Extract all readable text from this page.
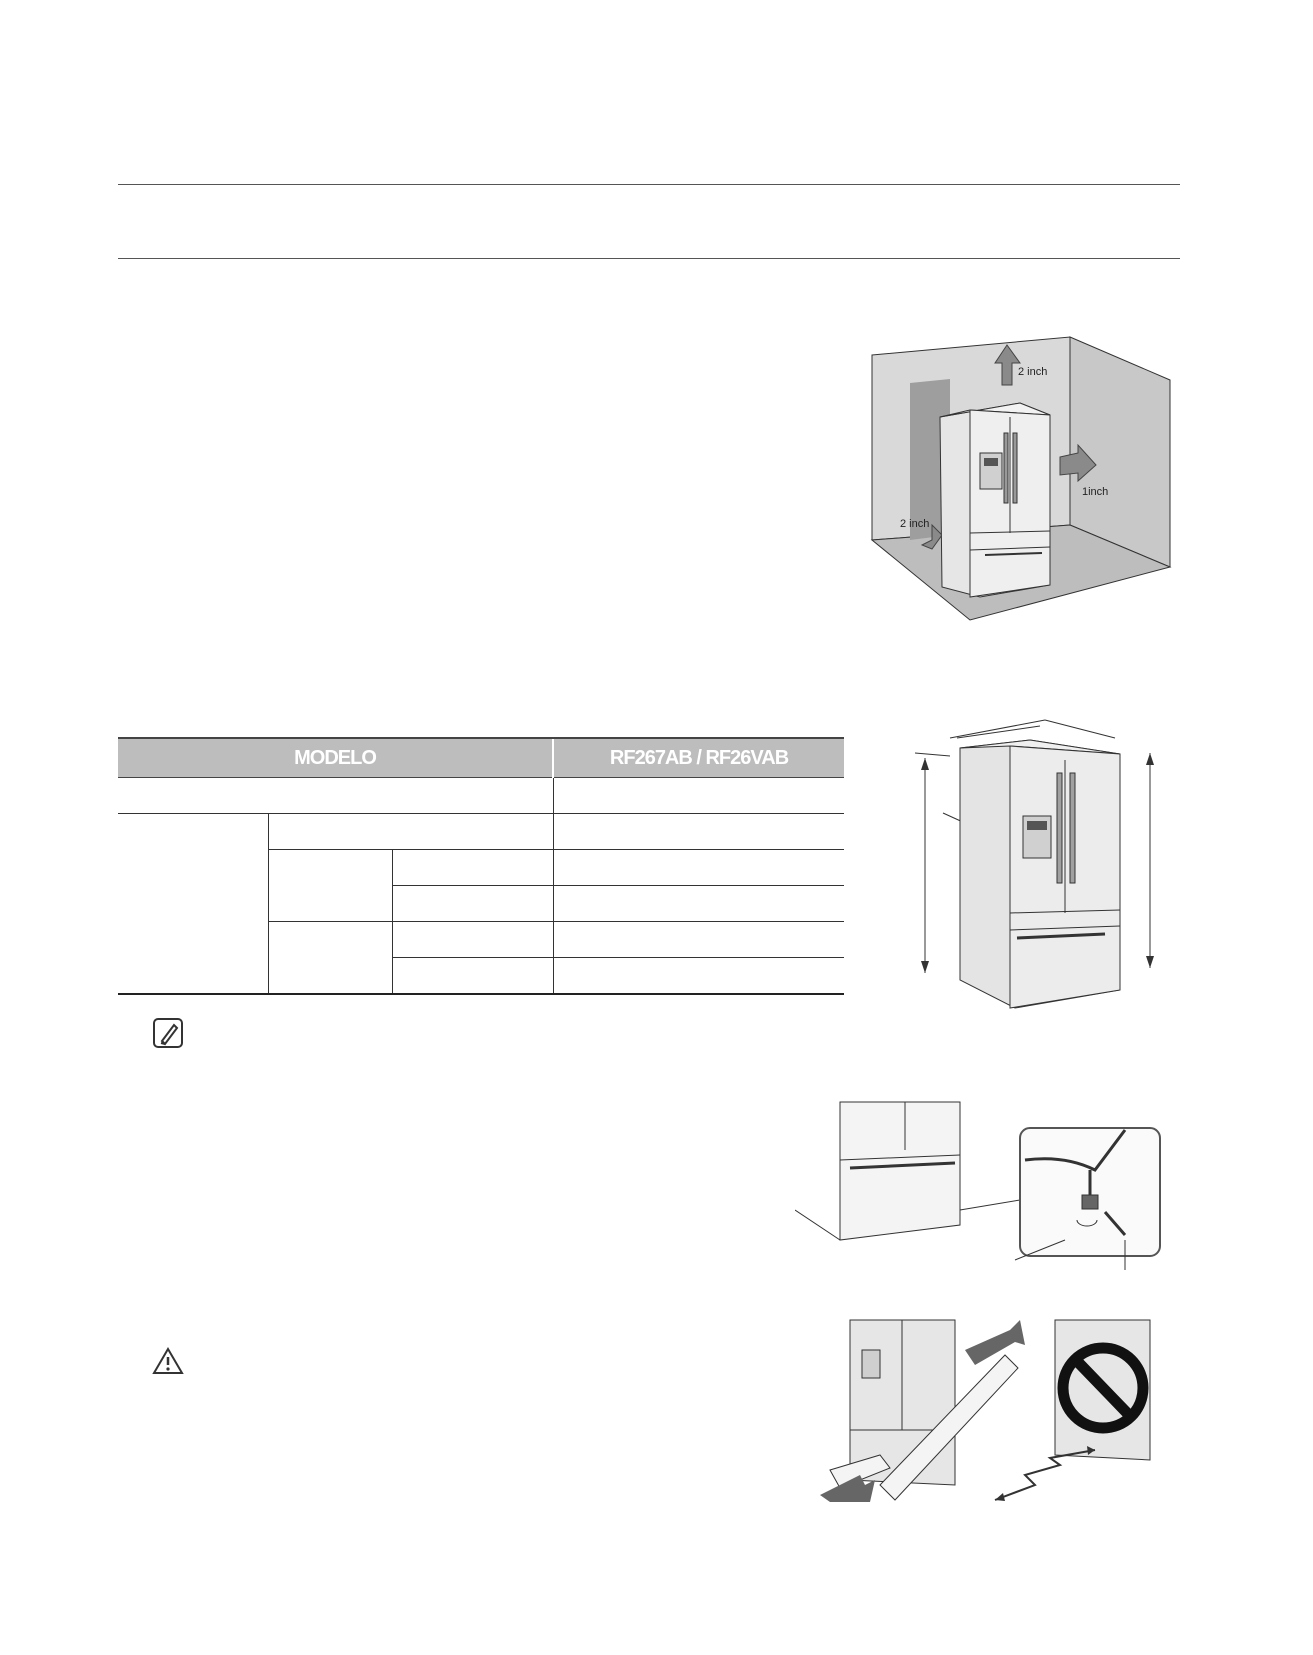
2 inch
1inch
2 inch
MODELO			RF267AB / RF26VAB
